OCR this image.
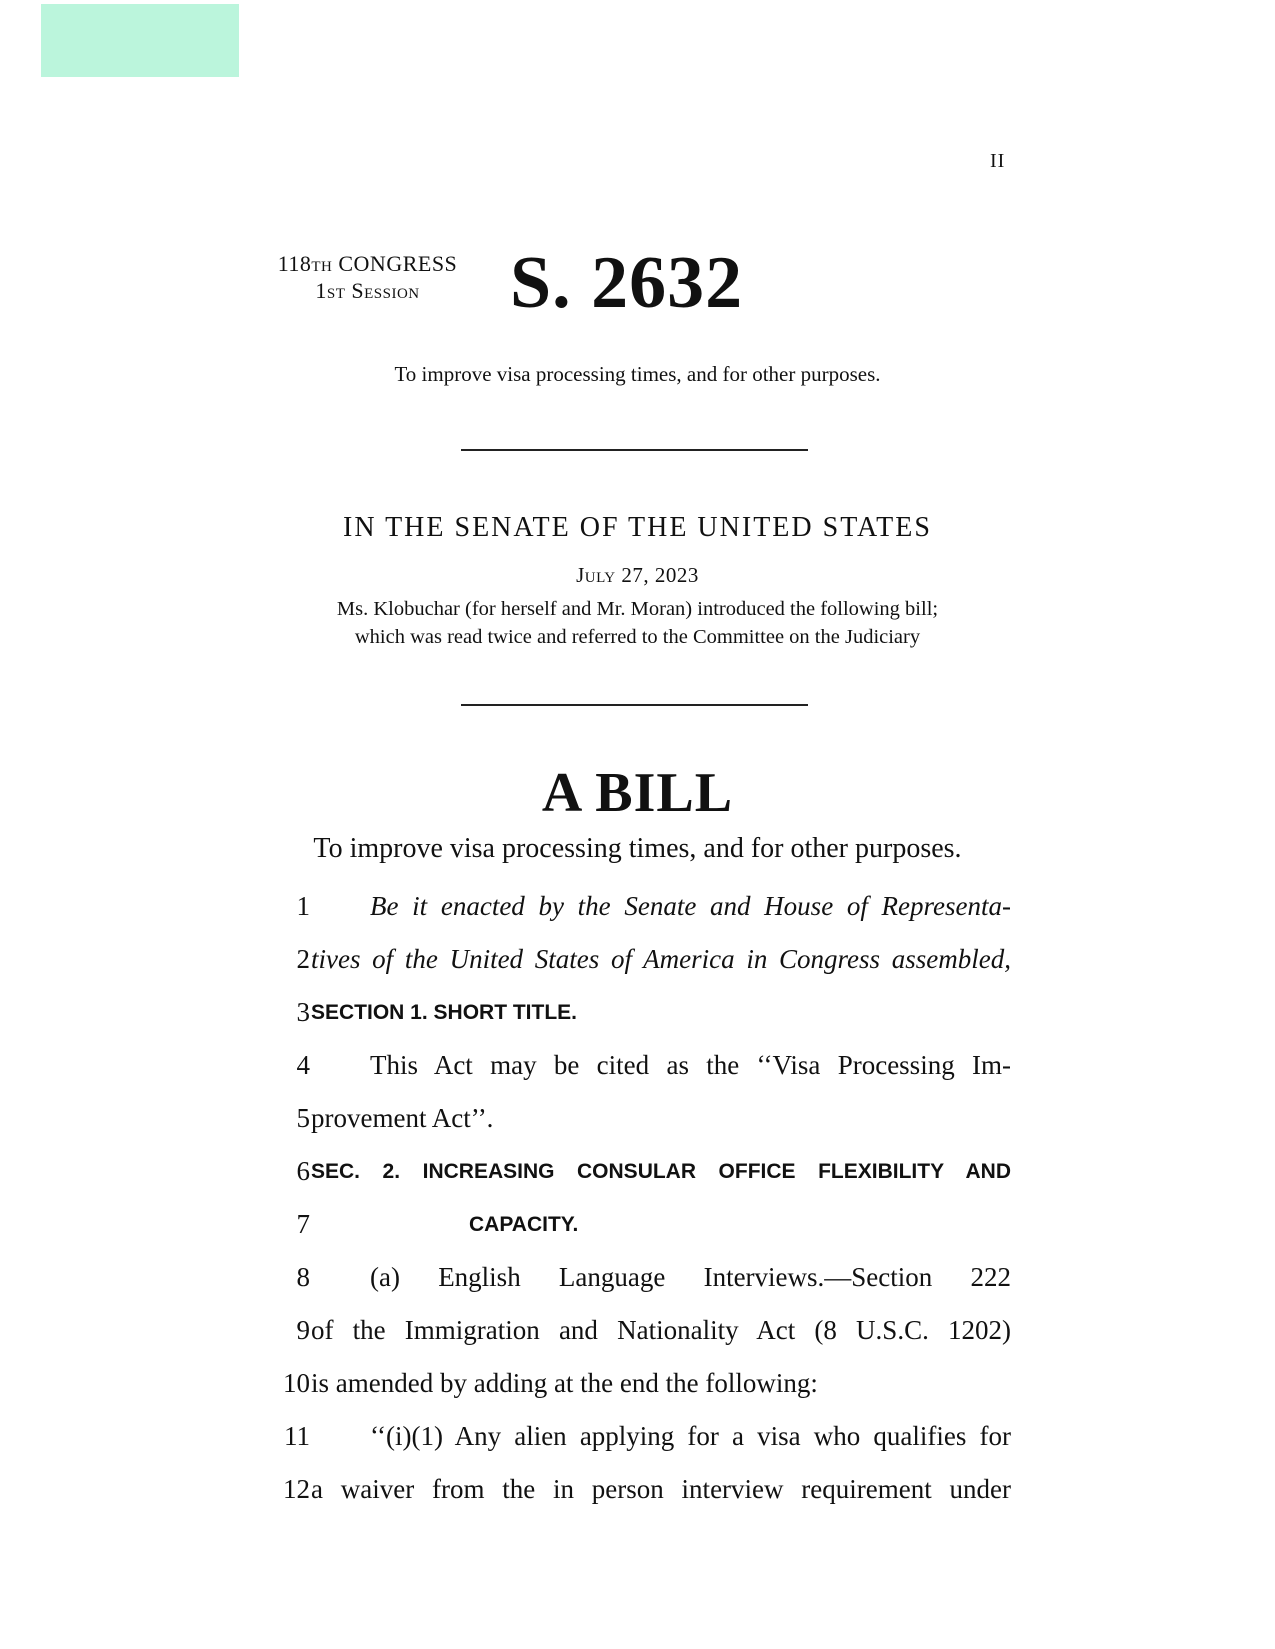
II
118th CONGRESS
1st Session	S. 2632
To improve visa processing times, and for other purposes.
IN THE SENATE OF THE UNITED STATES
July 27, 2023
Ms. Klobuchar (for herself and Mr. Moran) introduced the following bill;
which was read twice and referred to the Committee on the Judiciary
A BILL
To improve visa processing times, and for other purposes.
1	Be it enacted by the Senate and House of Representa-
2 tives of the United States of America in Congress assembled,
3 SECTION 1. SHORT TITLE.
4	This Act may be cited as the ‘‘Visa Processing Im-
5 provement Act’’.
6 SEC. 2. INCREASING CONSULAR OFFICE FLEXIBILITY AND
7	CAPACITY.
8	(a) English Language Interviews.—Section 222
9 of the Immigration and Nationality Act (8 U.S.C. 1202)
10 is amended by adding at the end the following:
11	‘‘(i)(1) Any alien applying for a visa who qualifies for
12 a waiver from the in person interview requirement under
